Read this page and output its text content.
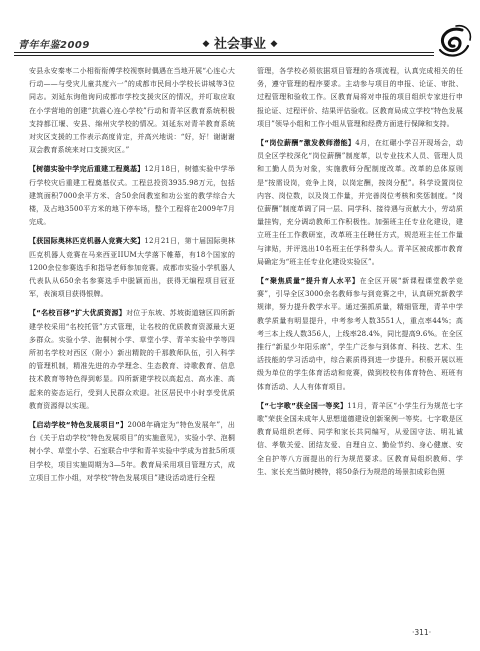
青年年鉴2009	◆ 社会事业 ◆

安县永安秦枣二小相衔衔傅学校视察时偶遇在当地开展“心连心大行动——与受灾儿童共度六一”的成都市民间小学校长讲城等3位同志。刘延东询他询问成都市学校支援灾区的情况，并叮取应取在小学营地的创建“抗震心连心学校”行动和青羊区教育系统积极支持都江堰、安县、绵州灾学校的情况。刘延东对青羊教育系统对灾区支援的工作表示高度肯定，并高兴地说：“好，好！谢谢谢双会教育系统来对口支援灾区。”

【树德实验中学完后重建工程奠基】12月18日，树德实验中学举行学校灾后重建工程奠基仪式。工程总投资3935.98万元，包括建筑面积7000余平方米、含50余间教室和功公室的教学综合大楼，及占地3500平方米的地下停车场，整个工程将在2009年7月完成。

【获国际奥林匹克机器人竞赛大奖】12月21日，第十届国际奥林匹克机器人竞赛在马来西亚IIUM大学落下帷幕，有18个国家的1200余位参赛选手和指导老师参加竞赛。成都市实验小学机器人代表队从650余名参赛选手中脱颖而出，获得无编程项目冠亚军，表演项目获得银牌。

【“名校百移”扩大优质资源】对位于东坡、苏坡街道辖区四所新建学校采用“名校托管”方式管理，让名校的优质教育资源最大更多群众。实验小学、泡桐树小学、草堂小学、青羊实验中学等四所初名学校对西区（附小）新出精院的千那教师队伍，引入科学的管理机制，精准先进的办学理念、生态教育、诗歌教育、信息技术教育等特色得到彰显。四所新建学校以高起点、高水准、高起来的姿态运行，受到人民群众欢迎。社区居民中小时享受优质教育资源得以实现。

【启动学校“特色发展项目”】2008年确定为“特色发展年”，出台《关于启动学校“特色发展项目”的实施意见》，实验小学、泡桐树小学、草堂小学、石室联合中学和青羊实验中学成为首批5所项目学校，项目实施周期为3—5年。教育局采用项目管理方式，成立项目工作小组，对学校“特色发展项目”建设活动进行全程

管理，各学校必须依据项目管理的各项流程，认真完成相关的任务，遵守管理的程序要求。主动参与项目的申报、论证、审批、过程管理和验收工作。区教育局将对申报的项目组织专家进行申报论证、过程评价、结果评估验收。区教育局成立学校“特色发展项目”领导小组和工作小组从管理和经费方面进行保障和支持。

【“岗位薪酬”激发教师潜能】4月，在红碾小学召开现场会，动员全区学校深化“岗位薪酬”制度革，以专业技术人员、管理人员和工勤人员为对象，实施教师分配制度改革。改革的总体原则是“按需设岗，竞争上岗，以岗定酬，按岗分配”。科学设置岗位内容、岗位数，以及岗工作量，并完善岗位考核和奖惩制度。“岗位薪酬”制度革调了同一层、同学科、接待遇与贡献大小，劳动质量挂钩，充分调动教师工作积极性。加强班主任专业化建设，建立班主任工作教研室，改革班主任聘任方式，规范班主任工作量与津贴，并评选出10名班主任学科带头人。青羊区被成都市教育局确定为“班主任专业化建设实验区”。

【“聚焦质量”提升育人水平】在全区开展“新课程课堂教学竞赛”，引导全区3000余名教师参与到竞赛之中，认真研究新教学规律，努力提升教学水平。通过强抓质量，精细管理，青羊中学教学质量有明显提升，中考参考人数3551人，重点率44%；高考三本上线人数356人，上线率28.4%，同比提高9.6%。在全区推行“新星少年阳乐席”，学生广泛参与到体育、科技、艺术、生活技能的学习活动中，综合素质得到进一步提升。积极开展以班级为单位的学生体育活动和竞赛，做到校校有体育特色、班班有体育活动、人人有体育项目。

【“七字歌”获全国一等奖】11月，青羊区“小学生行为规范七字歌”荣获全国未成年人思想道德建设创新案例一等奖。七字歌是区教育局组织老师、同学和家长共同编写，从爱国守法、明礼诚信、孝敬关爱、团结友爱、自理自立、勤俭节约、身心健康、安全自护等八方面提出的行为规范要求。区教育局组织教师、学生、家长充当做时模特，将50条行为规范的场景扣成彩色照

·311·
